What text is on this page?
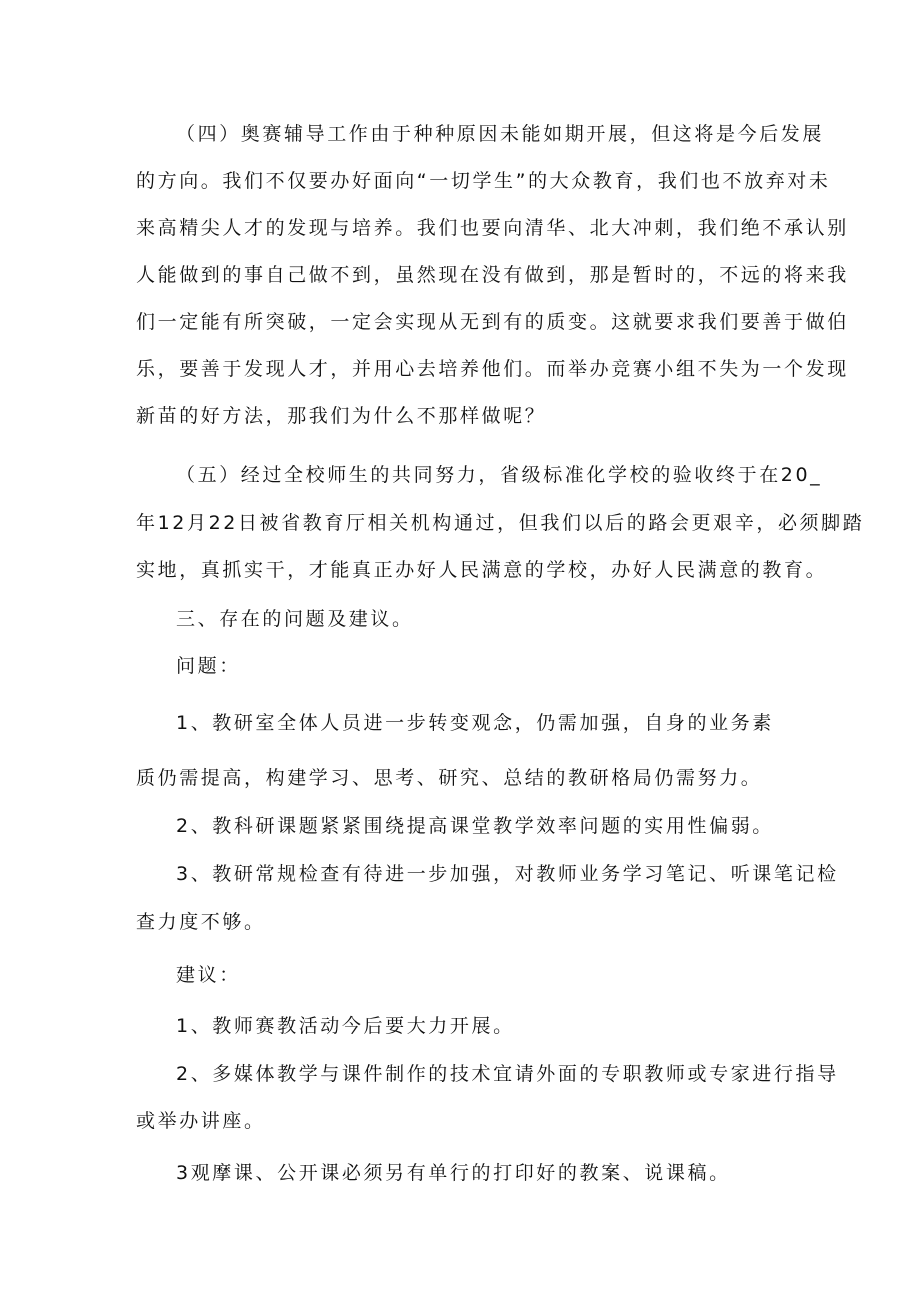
（四）奥赛辅导工作由于种种原因未能如期开展，但这将是今后发展
的方向。我们不仅要办好面向“一切学生”的大众教育，我们也不放弃对未
来高精尖人才的发现与培养。我们也要向清华、北大冲刺，我们绝不承认别
人能做到的事自己做不到，虽然现在没有做到，那是暂时的，不远的将来我
们一定能有所突破，一定会实现从无到有的质变。这就要求我们要善于做伯
乐，要善于发现人才，并用心去培养他们。而举办竞赛小组不失为一个发现
新苗的好方法，那我们为什么不那样做呢？
（五）经过全校师生的共同努力，省级标准化学校的验收终于在20_
年12月22日被省教育厅相关机构通过，但我们以后的路会更艰辛，必须脚踏
实地，真抓实干，才能真正办好人民满意的学校，办好人民满意的教育。
三、存在的问题及建议。
问题：
1、教研室全体人员进一步转变观念，仍需加强，自身的业务素
质仍需提高，构建学习、思考、研究、总结的教研格局仍需努力。
2、教科研课题紧紧围绕提高课堂教学效率问题的实用性偏弱。
3、教研常规检查有待进一步加强，对教师业务学习笔记、听课笔记检
查力度不够。
建议：
1、教师赛教活动今后要大力开展。
2、多媒体教学与课件制作的技术宜请外面的专职教师或专家进行指导
或举办讲座。
3观摩课、公开课必须另有单行的打印好的教案、说课稿。
